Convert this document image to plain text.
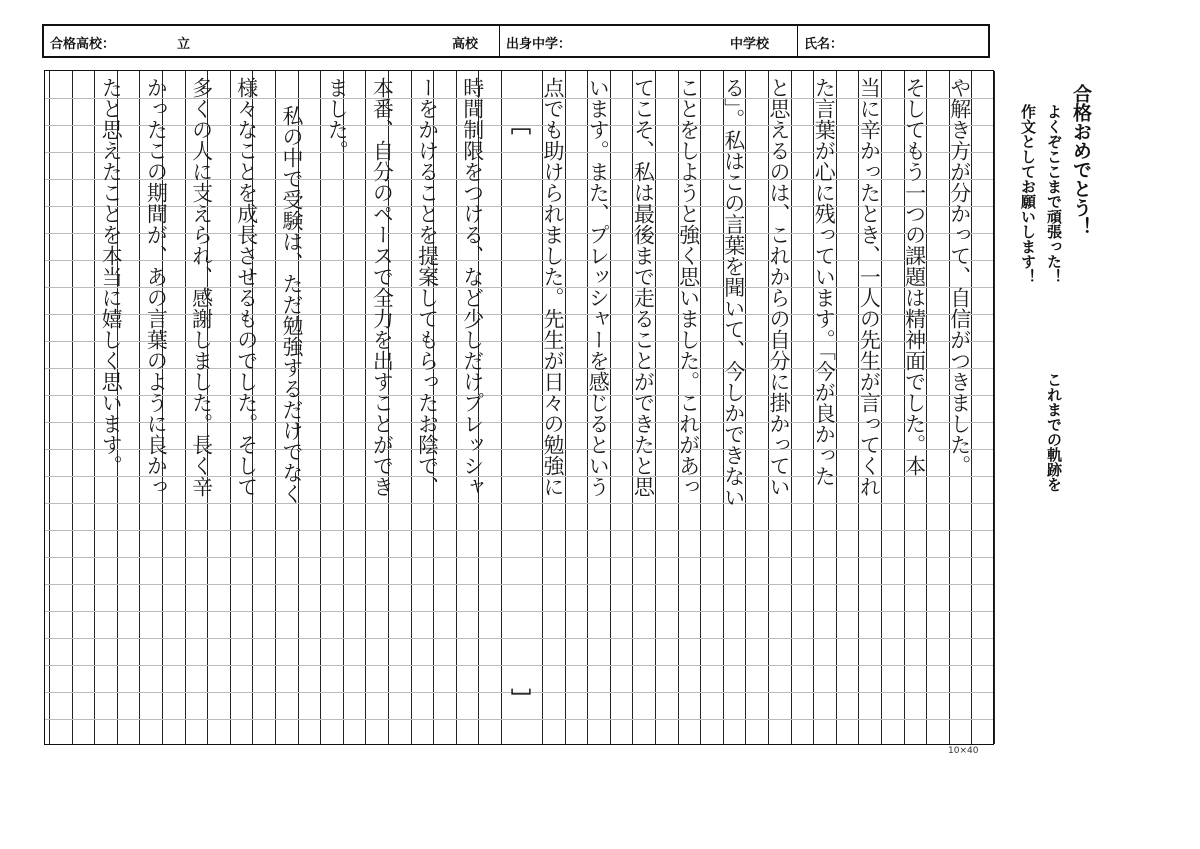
合格高校：	立	高校 出身中学：	中学校	氏名：
や解き方が分かって、自信がつきました。
そしてもう一つの課題は精神面でした。本
当に辛かったとき、一人の先生が言ってくれ
た言葉が心に残っています。「今が良かった
と思えるのは、これからの自分に掛かってい
る」。私はこの言葉を聞いて、今しかできない
ことをしようと強く思いました。これがあっ
てこそ、私は最後まで走ることができたと思
います。また、プレッシャーを感じるという
点でも助けられました。先生が日々の勉強に
時間制限をつける、など少しだけプレッシャ
ーをかけることを提案してもらったお陰で、
本番、自分のペースで全力を出すことができ
ました。
私の中で受験は、ただ勉強するだけでなく
様々なことを成長させるものでした。そして
多くの人に支えられ、感謝しました。長く辛
かったこの期間が、あの言葉のように良かっ
たと思えたことを本当に嬉しく思います。	﹇
﹈
10×40
合格おめでとう！
よくぞここまで頑張った！
これまでの軌跡を
作文としてお願いします！
